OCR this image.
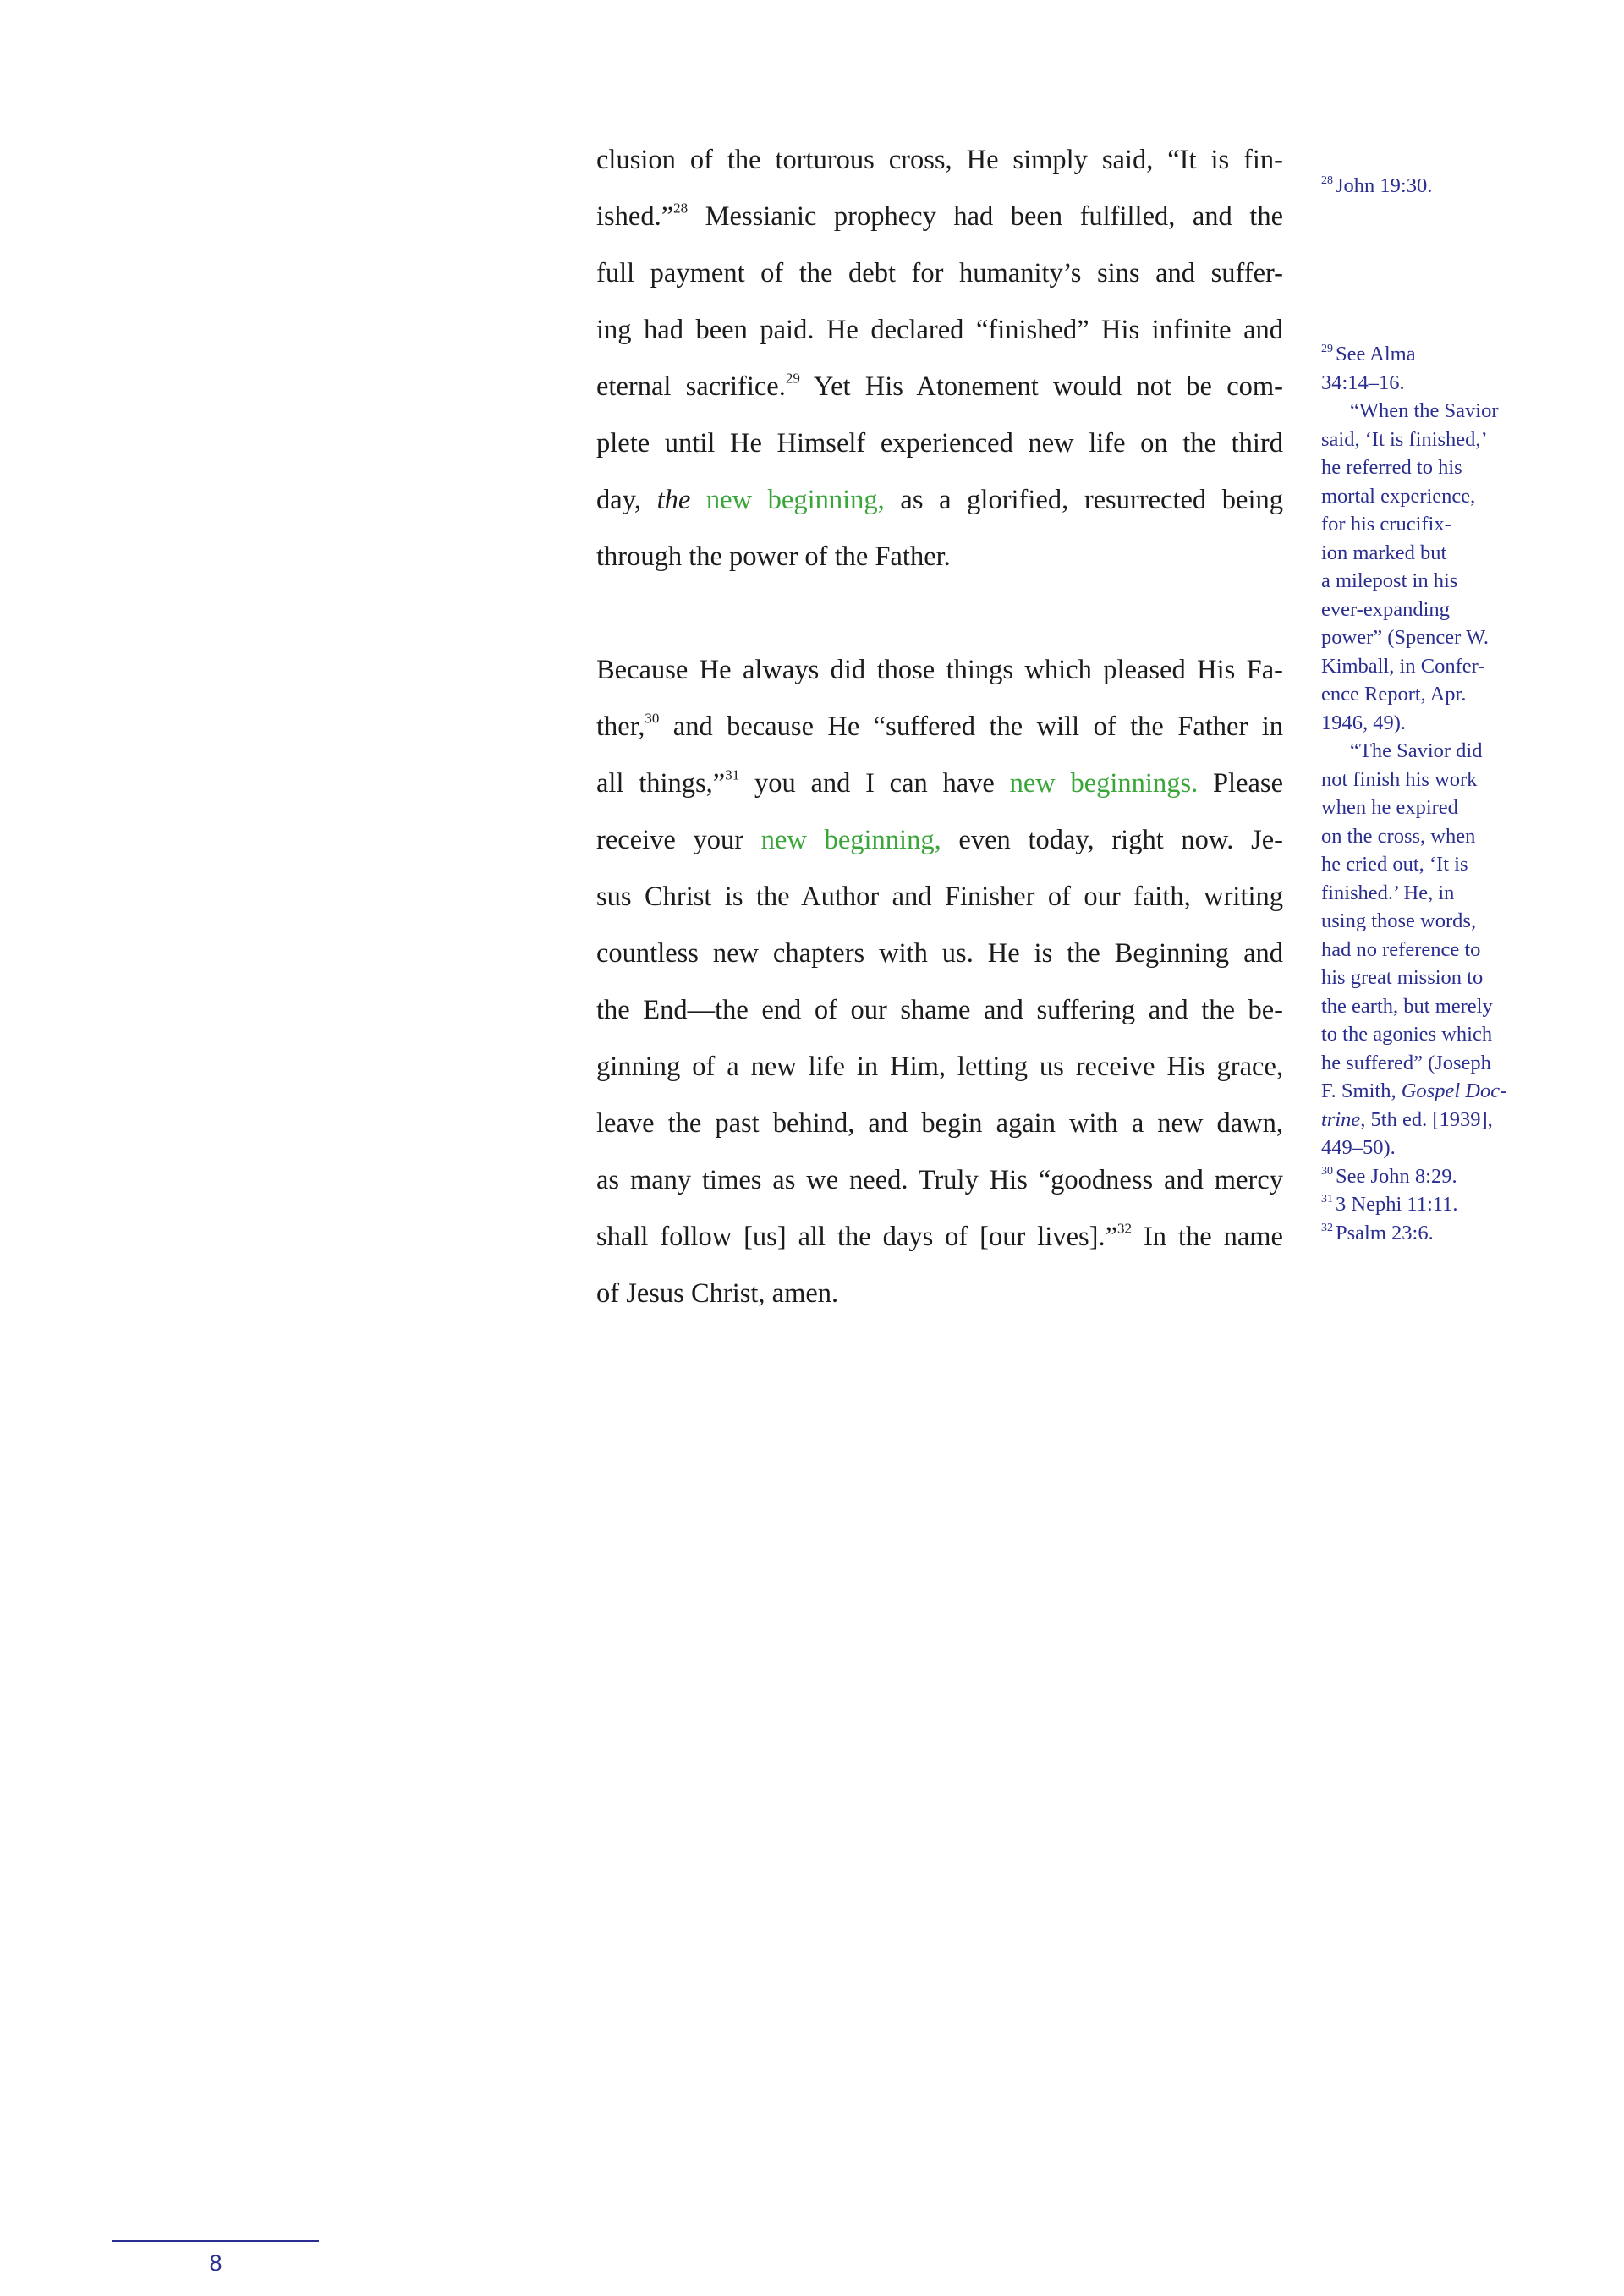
clusion of the torturous cross, He simply said, “It is fin-
ished.”$^{28}$ Messianic prophecy had been fulfilled, and the
full payment of the debt for humanity’s sins and suffer-
ing had been paid. He declared “finished” His infinite and
eternal sacrifice.$^{29}$ Yet His Atonement would not be com-
plete until He Himself experienced new life on the third
day, the new beginning, as a glorified, resurrected being
through the power of the Father.
Because He always did those things which pleased His Fa-
ther,$^{30}$ and because He “suffered the will of the Father in
all things,”$^{31}$ you and I can have new beginnings. Please
receive your new beginning, even today, right now. Je-
sus Christ is the Author and Finisher of our faith, writing
countless new chapters with us. He is the Beginning and
the End—the end of our shame and suffering and the be-
ginning of a new life in Him, letting us receive His grace,
leave the past behind, and begin again with a new dawn,
as many times as we need. Truly His “goodness and mercy
shall follow [us] all the days of [our lives].”$^{32}$ In the name
of Jesus Christ, amen.
$^{28}$ John 19:30.
$^{29}$ See Alma
34:14–16.
“When the Savior
said, ‘It is finished,’
he referred to his
mortal experience,
for his crucifix-
ion marked but
a milepost in his
ever-expanding
power” (Spencer W.
Kimball, in Confer-
ence Report, Apr.
1946, 49).
“The Savior did
not finish his work
when he expired
on the cross, when
he cried out, ‘It is
finished.’ He, in
using those words,
had no reference to
his great mission to
the earth, but merely
to the agonies which
he suffered” (Joseph
F. Smith, Gospel Doc-
trine, 5th ed. [1939],
449–50).
$^{30}$ See John 8:29.
$^{31}$ 3 Nephi 11:11.
$^{32}$ Psalm 23:6.
8
